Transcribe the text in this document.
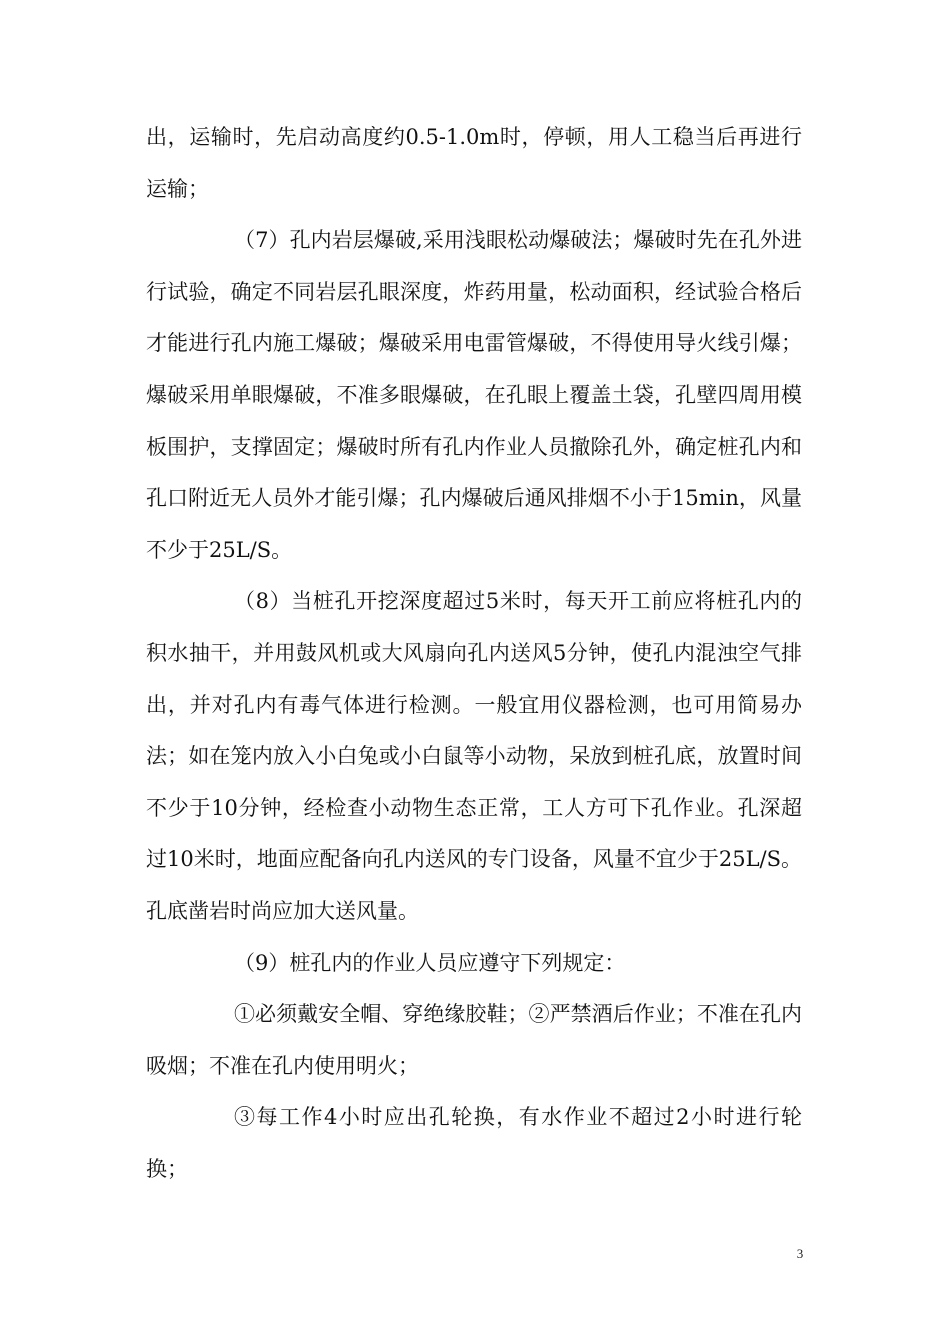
出，运输时，先启动高度约0.5-1.0m时，停顿，用人工稳当后再进行运输；

（7）孔内岩层爆破,采用浅眼松动爆破法；爆破时先在孔外进行试验，确定不同岩层孔眼深度，炸药用量，松动面积，经试验合格后才能进行孔内施工爆破；爆破采用电雷管爆破，不得使用导火线引爆；爆破采用单眼爆破，不准多眼爆破，在孔眼上覆盖土袋，孔壁四周用模板围护，支撑固定；爆破时所有孔内作业人员撤除孔外，确定桩孔内和孔口附近无人员外才能引爆；孔内爆破后通风排烟不小于15min，风量不少于25L/S。

（8）当桩孔开挖深度超过5米时，每天开工前应将桩孔内的积水抽干，并用鼓风机或大风扇向孔内送风5分钟，使孔内混浊空气排出，并对孔内有毒气体进行检测。一般宜用仪器检测，也可用简易办法；如在笼内放入小白兔或小白鼠等小动物，呆放到桩孔底，放置时间不少于10分钟，经检查小动物生态正常，工人方可下孔作业。孔深超过10米时，地面应配备向孔内送风的专门设备，风量不宜少于25L/S。孔底凿岩时尚应加大送风量。

（9）桩孔内的作业人员应遵守下列规定：

①必须戴安全帽、穿绝缘胶鞋；②严禁酒后作业；不准在孔内吸烟；不准在孔内使用明火；

③每工作4小时应出孔轮换，有水作业不超过2小时进行轮换；

3
